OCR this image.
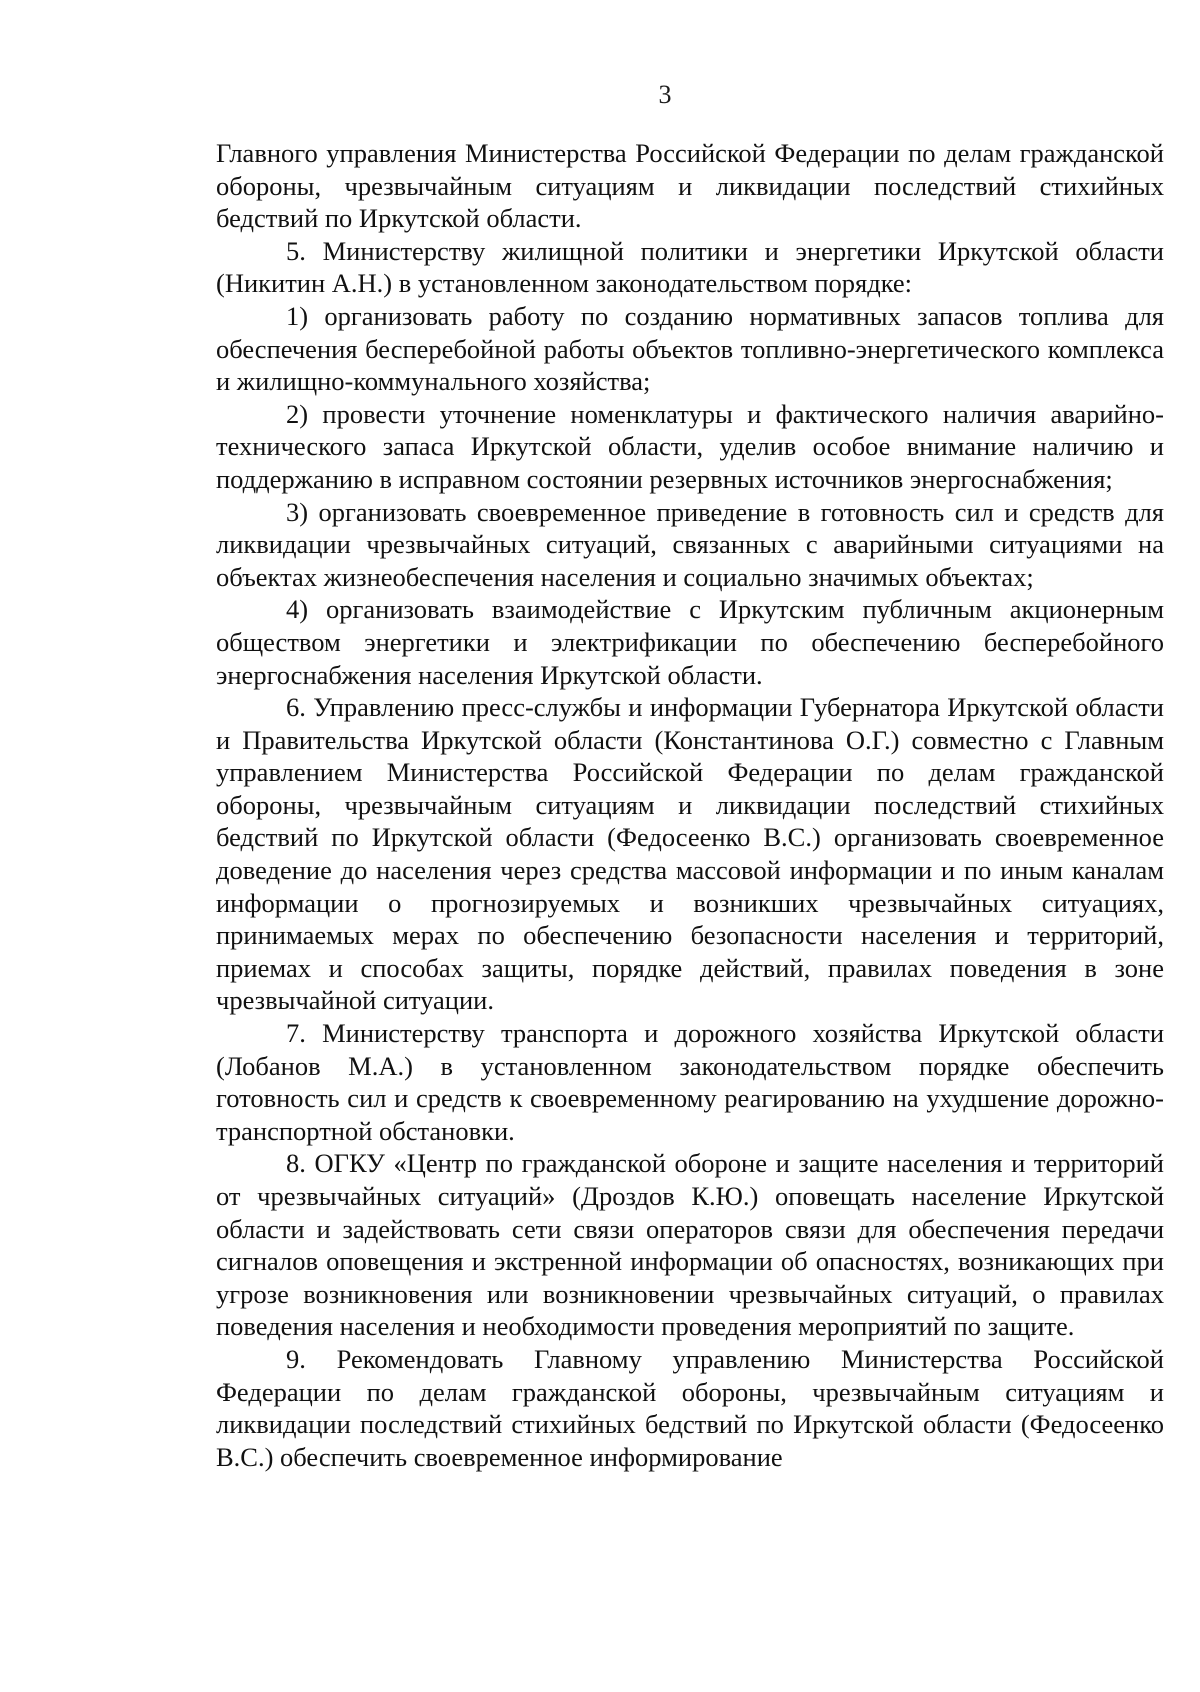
3

Главного управления Министерства Российской Федерации по делам гражданской обороны, чрезвычайным ситуациям и ликвидации последствий стихийных бедствий по Иркутской области.

5. Министерству жилищной политики и энергетики Иркутской области (Никитин А.Н.) в установленном законодательством порядке:

1) организовать работу по созданию нормативных запасов топлива для обеспечения бесперебойной работы объектов топливно-энергетического комплекса и жилищно-коммунального хозяйства;

2) провести уточнение номенклатуры и фактического наличия аварийно-технического запаса Иркутской области, уделив особое внимание наличию и поддержанию в исправном состоянии резервных источников энергоснабжения;

3) организовать своевременное приведение в готовность сил и средств для ликвидации чрезвычайных ситуаций, связанных с аварийными ситуациями на объектах жизнеобеспечения населения и социально значимых объектах;

4) организовать взаимодействие с Иркутским публичным акционерным обществом энергетики и электрификации по обеспечению бесперебойного энергоснабжения населения Иркутской области.

6. Управлению пресс-службы и информации Губернатора Иркутской области и Правительства Иркутской области (Константинова О.Г.) совместно с Главным управлением Министерства Российской Федерации по делам гражданской обороны, чрезвычайным ситуациям и ликвидации последствий стихийных бедствий по Иркутской области (Федосеенко В.С.) организовать своевременное доведение до населения через средства массовой информации и по иным каналам информации о прогнозируемых и возникших чрезвычайных ситуациях, принимаемых мерах по обеспечению безопасности населения и территорий, приемах и способах защиты, порядке действий, правилах поведения в зоне чрезвычайной ситуации.

7. Министерству транспорта и дорожного хозяйства Иркутской области (Лобанов М.А.) в установленном законодательством порядке обеспечить готовность сил и средств к своевременному реагированию на ухудшение дорожно-транспортной обстановки.

8. ОГКУ «Центр по гражданской обороне и защите населения и территорий от чрезвычайных ситуаций» (Дроздов К.Ю.) оповещать население Иркутской области и задействовать сети связи операторов связи для обеспечения передачи сигналов оповещения и экстренной информации об опасностях, возникающих при угрозе возникновения или возникновении чрезвычайных ситуаций, о правилах поведения населения и необходимости проведения мероприятий по защите.

9. Рекомендовать Главному управлению Министерства Российской Федерации по делам гражданской обороны, чрезвычайным ситуациям и ликвидации последствий стихийных бедствий по Иркутской области (Федосеенко В.С.) обеспечить своевременное информирование
